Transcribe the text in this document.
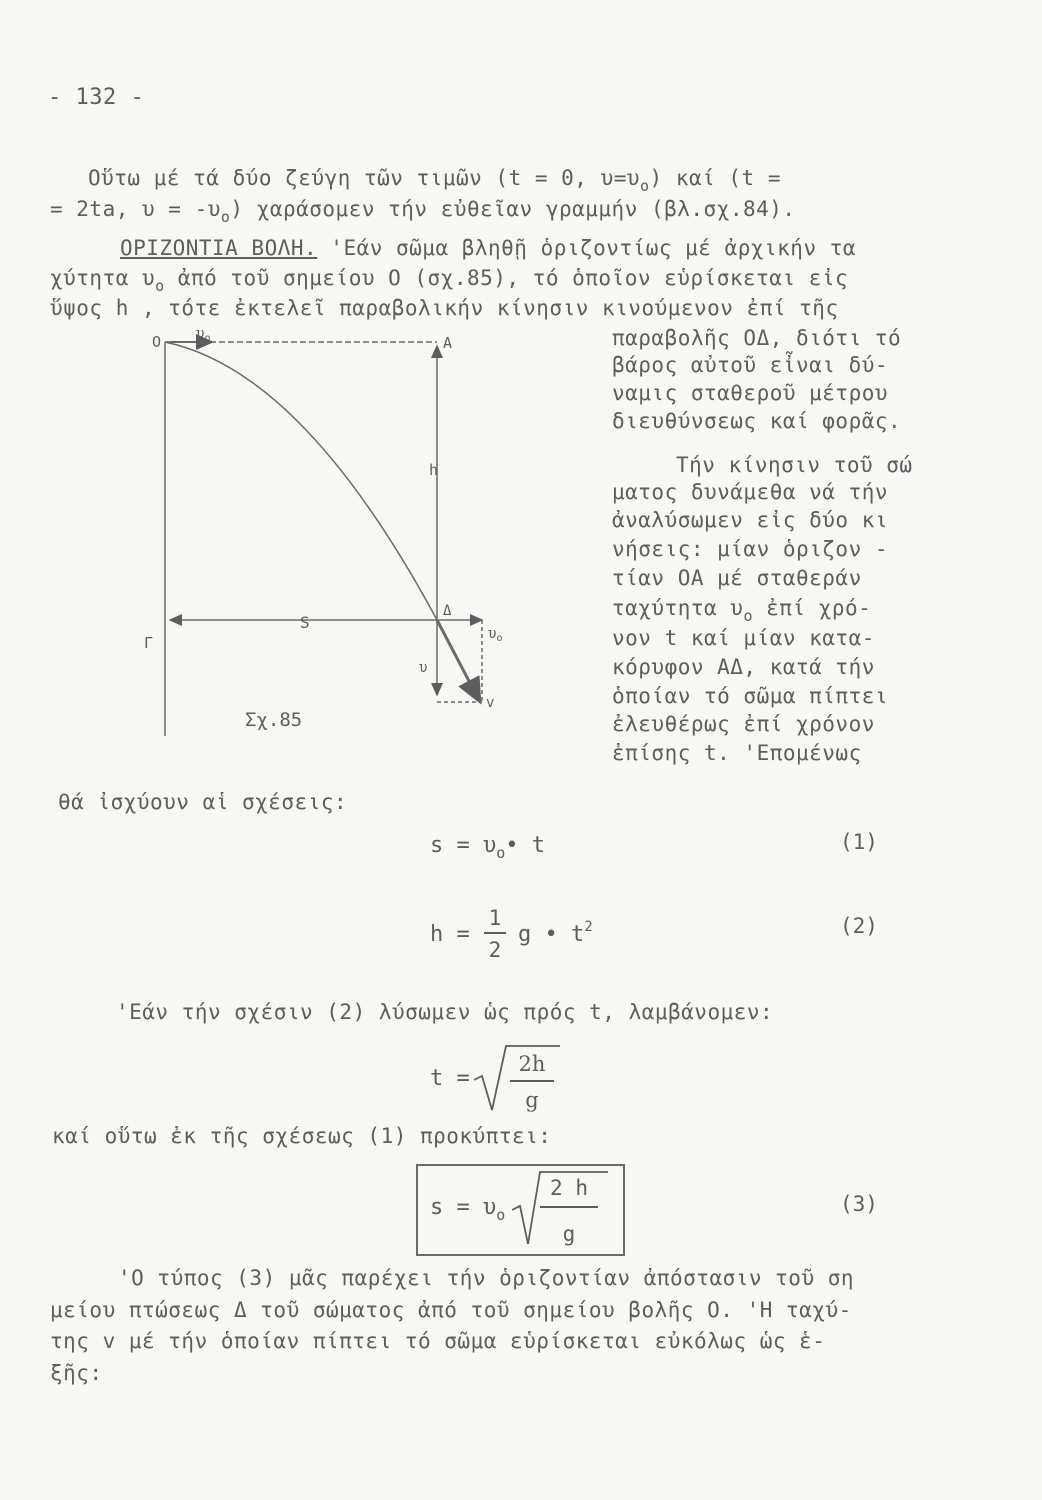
- 132 -
Οὕτω μέ τά δύο ζεύγη τῶν τιμῶν (t = 0, $\upsilon=\upsilon_o$) καί (t =
= 2ta, $\upsilon = -\upsilon_o$) χαράσομεν τήν εὐθεῖαν γραμμήν (βλ.σχ.84).
ΟΡΙΖΟΝΤΙΑ ΒΟΛΗ. 'Εάν σῶμα βληθῇ ὁριζοντίως μέ ἀρχικήν τα
χύτητα $\upsilon_o$ ἀπό τοῦ σημείου Ο (σχ.85), τό ὁποῖον εὑρίσκεται εἰς
ὕψος h , τότε ἐκτελεῖ παραβολικήν κίνησιν κινούμενον ἐπί τῆς
παραβολῆς ΟΔ, διότι τό
βάρος αὐτοῦ εἶναι δύ-
ναμις σταθεροῦ μέτρου
διευθύνσεως καί φορᾶς.
Τήν κίνησιν τοῦ σώ
ματος δυνάμεθα νά τήν
ἀναλύσωμεν εἰς δύο κι
νήσεις: μίαν ὁριζον -
τίαν ΟΑ μέ σταθεράν
ταχύτητα $\upsilon_o$ ἐπί χρό-
νον t καί μίαν κατα-
κόρυφον ΑΔ, κατά τήν
ὁποίαν τό σῶμα πίπτει
ἐλευθέρως ἐπί χρόνον
ἐπίσης t. 'Επομένως
O $\upsilon_o$	A
h
Γ
S
Δ
$\upsilon_o$
υ
v
Σχ.85
θά ἰσχύουν αἱ σχέσεις:
$s = \upsilon_o•$ t	(1)
h =
1
2
g • $t^2$	(2)
'Εάν τήν σχέσιν (2) λύσωμεν ὡς πρός t, λαμβάνομεν:
t =
2h
g
καί οὕτω ἐκ τῆς σχέσεως (1) προκύπτει:
$s = \upsilon_o$
2 h
g
(3)
'Ο τύπος (3) μᾶς παρέχει τήν ὁριζοντίαν ἀπόστασιν τοῦ ση
μείου πτώσεως Δ τοῦ σώματος ἀπό τοῦ σημείου βολῆς Ο. 'Η ταχύ-
της v μέ τήν ὁποίαν πίπτει τό σῶμα εὑρίσκεται εὐκόλως ὡς ἑ-
ξῆς:
